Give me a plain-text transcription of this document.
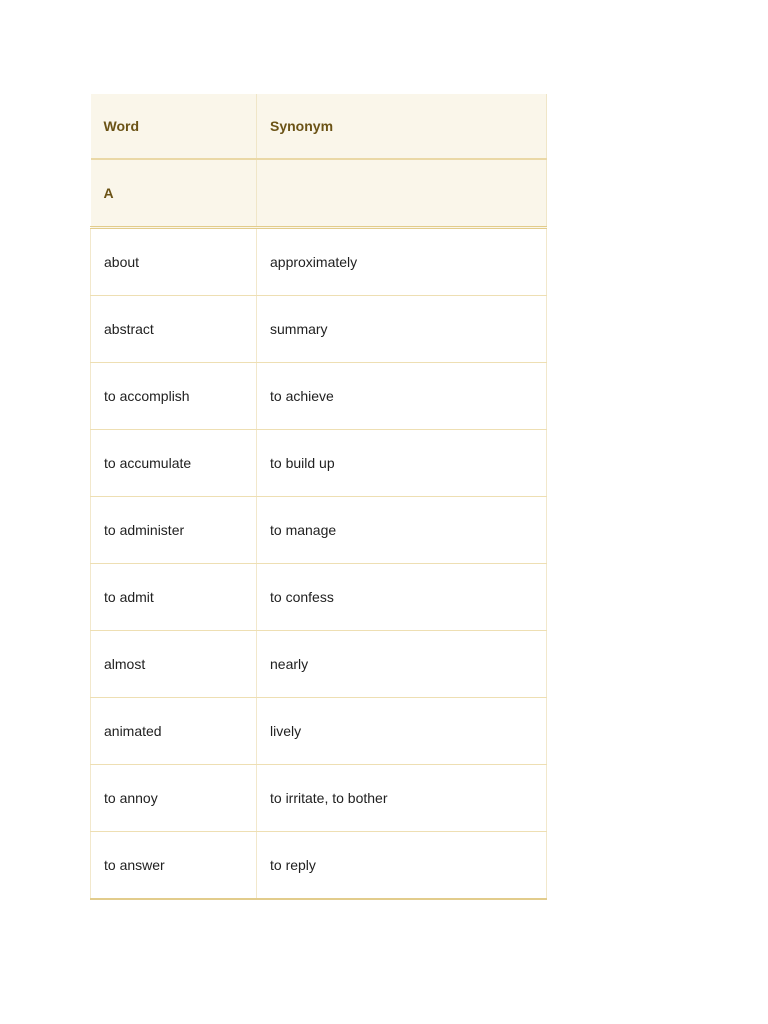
Word	Synonym
A	
about	approximately
abstract	summary
to accomplish	to achieve
to accumulate	to build up
to administer	to manage
to admit	to confess
almost	nearly
animated	lively
to annoy	to irritate, to bother
to answer	to reply
